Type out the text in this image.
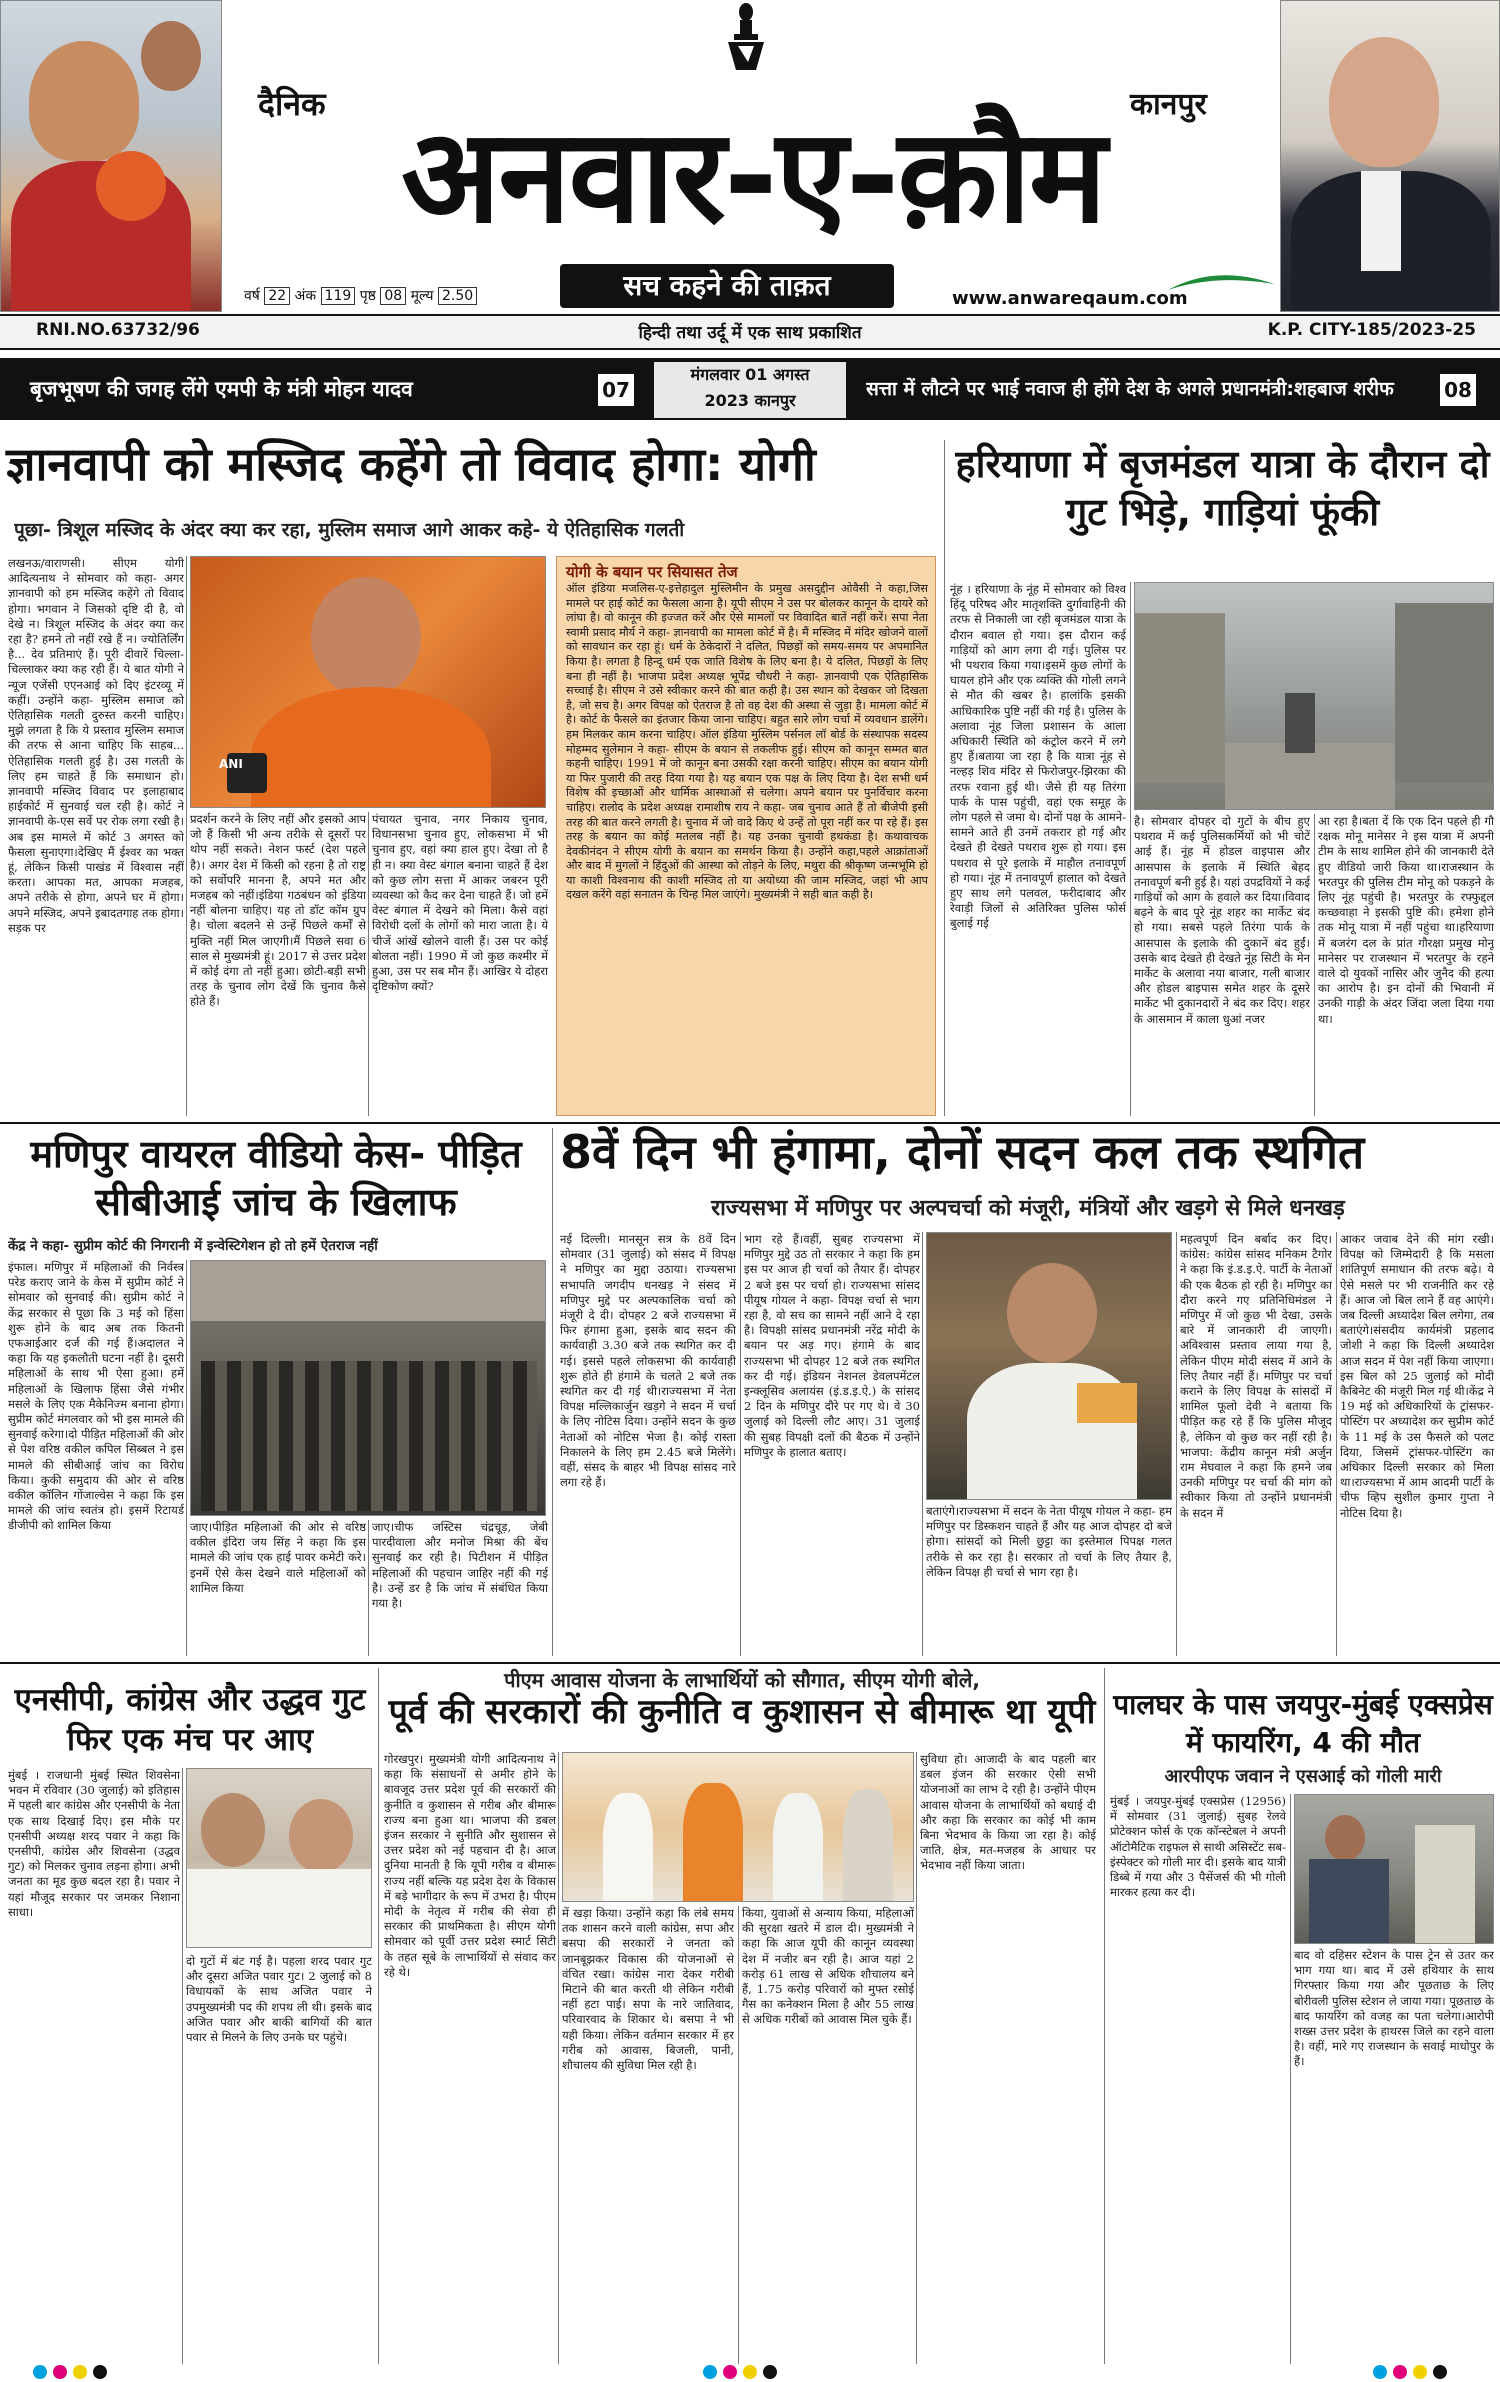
दैनिक	कानपुर
अनवार-ए-क़ौम
सच कहने की ताक़त
वर्ष 22 अंक 119 पृष्ठ 08 मूल्य 2.50	www.anwareqaum.com
RNI.NO.63732/96	हिन्दी तथा उर्दू में एक साथ प्रकाशित	K.P. CITY-185/2023-25
बृजभूषण की जगह लेंगे एमपी के मंत्री मोहन यादव	07
मंगलवार 01 अगस्त
2023 कानपुर
सत्ता में लौटने पर भाई नवाज ही होंगे देश के अगले प्रधानमंत्री:शहबाज शरीफ	08
ज्ञानवापी को मस्जिद कहेंगे तो विवाद होगा: योगी
पूछा- त्रिशूल मस्जिद के अंदर क्या कर रहा, मुस्लिम समाज आगे आकर कहे- ये ऐतिहासिक गलती
लखनऊ/वाराणसी। सीएम योगी आदित्यनाथ ने सोमवार को कहा- अगर ज्ञानवापी को हम मस्जिद कहेंगे तो विवाद होगा। भगवान ने जिसको दृष्टि दी है, वो देखे न। त्रिशूल मस्जिद के अंदर क्या कर रहा है? हमने तो नहीं रखे हैं न। ज्योतिर्लिंग है... देव प्रतिमाएं हैं। पूरी दीवारें चिल्ला-चिल्लाकर क्या कह रही हैं। ये बात योगी ने न्यूज एजेंसी एएनआई को दिए इंटरव्यू में कहीं। उन्होंने कहा- मुस्लिम समाज को ऐतिहासिक गलती दुरुस्त करनी चाहिए। मुझे लगता है कि ये प्रस्ताव मुस्लिम समाज की तरफ से आना चाहिए कि साहब... ऐतिहासिक गलती हुई है। उस गलती के लिए हम चाहते हैं कि समाधान हो।ज्ञानवापी मस्जिद विवाद पर इलाहाबाद हाईकोर्ट में सुनवाई चल रही है। कोर्ट ने ज्ञानवापी के-एस सर्वे पर रोक लगा रखी है। अब इस मामले में कोर्ट 3 अगस्त को फैसला सुनाएगा।देखिए मैं ईश्वर का भक्त हूं, लेकिन किसी पाखंड में विश्वास नहीं करता। आपका मत, आपका मजहब, अपने तरीके से होगा, अपने घर में होगा। अपने मस्जिद, अपने इबादतगाह तक होगा। सड़क पर
ANI
प्रदर्शन करने के लिए नहीं और इसको आप जो हैं किसी भी अन्य तरीके से दूसरों पर थोप नहीं सकते। नेशन फर्स्ट (देश पहले है)। अगर देश में किसी को रहना है तो राष्ट्र को सर्वोपरि मानना है, अपने मत और मजहब को नहीं।इंडिया गठबंधन को इंडिया नहीं बोलना चाहिए। यह तो डॉट कॉम ग्रुप है। चोला बदलने से उन्हें पिछले कर्मों से मुक्ति नहीं मिल जाएगी।मैं पिछले सवा 6 साल से मुख्यमंत्री हूं। 2017 से उत्तर प्रदेश में कोई दंगा तो नहीं हुआ। छोटी-बड़ी सभी तरह के चुनाव लोग देखें कि चुनाव कैसे होते हैं।
पंचायत चुनाव, नगर निकाय चुनाव, विधानसभा चुनाव हुए, लोकसभा में भी चुनाव हुए, वहां क्या हाल हुए। देखा तो है ही न। क्या वेस्ट बंगाल बनाना चाहते हैं देश को कुछ लोग सत्ता में आकर जबरन पूरी व्यवस्था को कैद कर देना चाहते हैं। जो हमें वेस्ट बंगाल में देखने को मिला। कैसे वहां विरोधी दलों के लोगों को मारा जाता है। ये चीजें आंखें खोलने वाली हैं। उस पर कोई बोलता नहीं। 1990 में जो कुछ कश्मीर में हुआ, उस पर सब मौन हैं। आखिर ये दोहरा दृष्टिकोण क्यों?
योगी के बयान पर सियासत तेज
ऑल इंडिया मजलिस-ए-इत्तेहादुल मुस्लिमीन के प्रमुख असदुद्दीन ओवैसी ने कहा,जिस मामले पर हाई कोर्ट का फैसला आना है। यूपी सीएम ने उस पर बोलकर कानून के दायरे को लांघा है। वो कानून की इज्जत करें और ऐसे मामलों पर विवादित बातें नहीं करें। सपा नेता स्वामी प्रसाद मौर्य ने कहा- ज्ञानवापी का मामला कोर्ट में है। मैं मस्जिद में मंदिर खोजने वालों को सावधान कर रहा हूं। धर्म के ठेकेदारों ने दलित, पिछड़ों को समय-समय पर अपमानित किया है। लगता है हिन्दू धर्म एक जाति विशेष के लिए बना है। ये दलित, पिछड़ों के लिए बना ही नहीं है। भाजपा प्रदेश अध्यक्ष भूपेंद्र चौधरी ने कहा- ज्ञानवापी एक ऐतिहासिक सच्चाई है। सीएम ने उसे स्वीकार करने की बात कही है। उस स्थान को देखकर जो दिखता है, जो सच है। अगर विपक्ष को ऐतराज है तो वह देश की अस्था से जुड़ा है। मामला कोर्ट में है। कोर्ट के फैसले का इंतजार किया जाना चाहिए। बहुत सारे लोग चर्चा में व्यवधान डालेंगे। हम मिलकर काम करना चाहिए। ऑल इंडिया मुस्लिम पर्सनल लॉ बोर्ड के संस्थापक सदस्य मोहम्मद सुलेमान ने कहा- सीएम के बयान से तकलीफ हुई। सीएम को कानून सम्मत बात कहनी चाहिए। 1991 में जो कानून बना उसकी रक्षा करनी चाहिए। सीएम का बयान योगी या फिर पुजारी की तरह दिया गया है। यह बयान एक पक्ष के लिए दिया है। देश सभी धर्म विशेष की इच्छाओं और धार्मिक आस्थाओं से चलेगा। अपने बयान पर पुनर्विचार करना चाहिए। रालोद के प्रदेश अध्यक्ष रामाशीष राय ने कहा- जब चुनाव आते हैं तो बीजेपी इसी तरह की बात करने लगती है। चुनाव में जो वादे किए थे उन्हें तो पूरा नहीं कर पा रहे हैं। इस तरह के बयान का कोई मतलब नहीं है। यह उनका चुनावी हथकंडा है। कथावाचक देवकीनंदन ने सीएम योगी के बयान का समर्थन किया है। उन्होंने कहा,पहले आक्रांताओं और बाद में मुगलों ने हिंदुओं की आस्था को तोड़ने के लिए, मथुरा की श्रीकृष्ण जन्मभूमि हो या काशी विश्वनाथ की काशी मस्जिद तो या अयोध्या की जाम मस्जिद, जहां भी आप दखल करेंगे वहां सनातन के चिन्ह मिल जाएंगे। मुख्यमंत्री ने सही बात कही है।
हरियाणा में बृजमंडल यात्रा के दौरान दो गुट भिड़े, गाड़ियां फूंकी
नूंह । हरियाणा के नूंह में सोमवार को विश्व हिंदू परिषद और मातृशक्ति दुर्गावाहिनी की तरफ से निकाली जा रही बृजमंडल यात्रा के दौरान बवाल हो गया। इस दौरान कई गाड़ियों को आग लगा दी गई। पुलिस पर भी पथराव किया गया।इसमें कुछ लोगों के घायल होने और एक व्यक्ति की गोली लगने से मौत की खबर है। हालांकि इसकी आधिकारिक पुष्टि नहीं की गई है। पुलिस के अलावा नूंह जिला प्रशासन के आला अधिकारी स्थिति को कंट्रोल करने में लगे हुए हैं।बताया जा रहा है कि यात्रा नूंह से नल्हड़ शिव मंदिर से फिरोजपुर-झिरका की तरफ रवाना हुई थी। जैसे ही यह तिरंगा पार्क के पास पहुंची, वहां एक समूह के लोग पहले से जमा थे। दोनों पक्ष के आमने-सामने आते ही उनमें तकरार हो गई और देखते ही देखते पथराव शुरू हो गया। इस पथराव से पूरे इलाके में माहौल तनावपूर्ण हो गया। नूंह में तनावपूर्ण हालात को देखते हुए साथ लगे पलवल, फरीदाबाद और रेवाड़ी जिलों से अतिरिक्त पुलिस फोर्स बुलाई गई
है। सोमवार दोपहर दो गुटों के बीच हुए पथराव में कई पुलिसकर्मियों को भी चोटें आई हैं। नूंह में होडल वाइपास और आसपास के इलाके में स्थिति बेहद तनावपूर्ण बनी हुई है। यहां उपद्रवियों ने कई गाड़ियों को आग के हवाले कर दिया।विवाद बढ़ने के बाद पूरे नूंह शहर का मार्केट बंद हो गया। सबसे पहले तिरंगा पार्क के आसपास के इलाके की दुकानें बंद हुईं। उसके बाद देखते ही देखते नूंह सिटी के मेन मार्केट के अलावा नया बाजार, गली बाजार और होडल बाइपास समेत शहर के दूसरे मार्केट भी दुकानदारों ने बंद कर दिए। शहर के आसमान में काला धुआं नजर
आ रहा है।बता दें कि एक दिन पहले ही गौ रक्षक मोनू मानेसर ने इस यात्रा में अपनी टीम के साथ शामिल होने की जानकारी देते हुए वीडियो जारी किया था।राजस्थान के भरतपुर की पुलिस टीम मोनू को पकड़ने के लिए नूंह पहुंची है। भरतपुर के रफ्फुद्दल कच्छवाहा ने इसकी पुष्टि की। हमेशा होने तक मोनू यात्रा में नहीं पहुंचा था।हरियाणा में बजरंग दल के प्रांत गौरक्षा प्रमुख मोनू मानेसर पर राजस्थान में भरतपुर के रहने वाले दो युवकों नासिर और जुनैद की हत्या का आरोप है। इन दोनों की भिवानी में उनकी गाड़ी के अंदर जिंदा जला दिया गया था।
मणिपुर वायरल वीडियो केस- पीड़ित सीबीआई जांच के खिलाफ
केंद्र ने कहा- सुप्रीम कोर्ट की निगरानी में इन्वेस्टिगेशन हो तो हमें ऐतराज नहीं
इंफाल। मणिपुर में महिलाओं की निर्वस्त्र परेड कराए जाने के केस में सुप्रीम कोर्ट ने सोमवार को सुनवाई की। सुप्रीम कोर्ट ने केंद्र सरकार से पूछा कि 3 मई को हिंसा शुरू होने के बाद अब तक कितनी एफआईआर दर्ज की गई हैं।अदालत ने कहा कि यह इकलौती घटना नहीं है। दूसरी महिलाओं के साथ भी ऐसा हुआ। हमें महिलाओं के खिलाफ हिंसा जैसे गंभीर मसले के लिए एक मैकेनिज्म बनाना होगा। सुप्रीम कोर्ट मंगलवार को भी इस मामले की सुनवाई करेगा।दो पीड़ित महिलाओं की ओर से पेश वरिष्ठ वकील कपिल सिब्बल ने इस मामले की सीबीआई जांच का विरोध किया। कुकी समुदाय की ओर से वरिष्ठ वकील कॉलिन गोंजाल्वेस ने कहा कि इस मामले की जांच स्वतंत्र हो। इसमें रिटायर्ड डीजीपी को शामिल किया	जाए।पीड़ित महिलाओं की ओर से वरिष्ठ वकील इंदिरा जय सिंह ने कहा कि इस मामले की जांच एक हाई पावर कमेटी करे। इनमें ऐसे केस देखने वाले महिलाओं को शामिल किया
जाए।चीफ जस्टिस चंद्रचूड़, जेबी पारदीवाला और मनोज मिश्रा की बेंच सुनवाई कर रही है। पिटीशन में पीड़ित महिलाओं की पहचान जाहिर नहीं की गई है। उन्हें डर है कि जांच में संबंधित किया गया है।
8वें दिन भी हंगामा, दोनों सदन कल तक स्थगित
राज्यसभा में मणिपुर पर अल्पचर्चा को मंजूरी, मंत्रियों और खड़गे से मिले धनखड़
नई दिल्ली। मानसून सत्र के 8वें दिन सोमवार (31 जुलाई) को संसद में विपक्ष ने मणिपुर का मुद्दा उठाया। राज्यसभा सभापति जगदीप धनखड़ ने संसद में मणिपुर मुद्दे पर अल्पकालिक चर्चा को मंजूरी दे दी। दोपहर 2 बजे राज्यसभा में फिर हंगामा हुआ, इसके बाद सदन की कार्यवाही 3.30 बजे तक स्थगित कर दी गई। इससे पहले लोकसभा की कार्यवाही शुरू होते ही हंगामे के चलते 2 बजे तक स्थगित कर दी गई थी।राज्यसभा में नेता विपक्ष मल्लिकार्जुन खड़गे ने सदन में चर्चा के लिए नोटिस दिया। उन्होंने सदन के कुछ नेताओं को नोटिस भेजा है। कोई रास्ता निकालने के लिए हम 2.45 बजे मिलेंगे। वहीं, संसद के बाहर भी विपक्ष सांसद नारे लगा रहे हैं।
भाग रहे हैं।वहीं, सुबह राज्यसभा में मणिपुर मुद्दे उठ तो सरकार ने कहा कि हम इस पर आज ही चर्चा को तैयार हैं। दोपहर 2 बजे इस पर चर्चा हो। राज्यसभा सांसद पीयूष गोयल ने कहा- विपक्ष चर्चा से भाग रहा है, वो सच का सामने नहीं आने दे रहा है। विपक्षी सांसद प्रधानमंत्री नरेंद्र मोदी के बयान पर अड़ गए। हंगामे के बाद राज्यसभा भी दोपहर 12 बजे तक स्थगित कर दी गई। इंडियन नेशनल डेवलपमेंटल इन्क्लूसिव अलायंस (इं.ड.इ.ऐ.) के सांसद 2 दिन के मणिपुर दौरे पर गए थे। वे 30 जुलाई को दिल्ली लौट आए। 31 जुलाई की सुबह विपक्षी दलों की बैठक में उन्होंने मणिपुर के हालात बताए।
बताएंगे।राज्यसभा में सदन के नेता पीयूष गोयल ने कहा- हम मणिपुर पर डिस्कशन चाहते हैं और यह आज दोपहर दो बजे होगा। सांसदों को मिली छुट्टा का इस्तेमाल पिपक्ष गलत तरीके से कर रहा है। सरकार तो चर्चा के लिए तैयार है, लेकिन विपक्ष ही चर्चा से भाग रहा है।
महत्वपूर्ण दिन बर्बाद कर दिए। कांग्रेस: कांग्रेस सांसद मनिकम टैगोर ने कहा कि इं.ड.इ.ऐ. पार्टी के नेताओं की एक बैठक हो रही है। मणिपुर का दौरा करने गए प्रतिनिधिमंडल ने मणिपुर में जो कुछ भी देखा, उसके बारे में जानकारी दी जाएगी। अविश्वास प्रस्ताव लाया गया है, लेकिन पीएम मोदी संसद में आने के लिए तैयार नहीं हैं। मणिपुर पर चर्चा कराने के लिए विपक्ष के सांसदों में शामिल फूलो देवी ने बताया कि पीड़ित कह रहे हैं कि पुलिस मौजूद है, लेकिन वो कुछ कर नहीं रही है। भाजपा: केंद्रीय कानून मंत्री अर्जुन राम मेघवाल ने कहा कि हमने जब उनकी मणिपुर पर चर्चा की मांग को स्वीकार किया तो उन्होंने प्रधानमंत्री के सदन में
आकर जवाब देने की मांग रखी। विपक्ष को जिम्मेदारी है कि मसला शांतिपूर्ण समाधान की तरफ बढ़े। ये ऐसे मसले पर भी राजनीति कर रहे हैं। आज जो बिल लाने हैं वह आएंगे। जब दिल्ली अध्यादेश बिल लगेगा, तब बताएंगे।संसदीय कार्यमंत्री प्रहलाद जोशी ने कहा कि दिल्ली अध्यादेश आज सदन में पेश नहीं किया जाएगा। इस बिल को 25 जुलाई को मोदी कैबिनेट की मंजूरी मिल गई थी।केंद्र ने 19 मई को अधिकारियों के ट्रांसफर-पोस्टिंग पर अध्यादेश कर सुप्रीम कोर्ट के 11 मई के उस फैसले को पलट दिया, जिसमें ट्रांसफर-पोस्टिंग का अधिकार दिल्ली सरकार को मिला था।राज्यसभा में आम आदमी पार्टी के चीफ व्हिप सुशील कुमार गुप्ता ने नोटिस दिया है।
एनसीपी, कांग्रेस और उद्धव गुट फिर एक मंच पर आए
मुंबई । राजधानी मुंबई स्थित शिवसेना भवन में रविवार (30 जुलाई) को इतिहास में पहली बार कांग्रेस और एनसीपी के नेता एक साथ दिखाई दिए। इस मौके पर एनसीपी अध्यक्ष शरद पवार ने कहा कि एनसीपी, कांग्रेस और शिवसेना (उद्धव गुट) को मिलकर चुनाव लड़ना होगा। अभी जनता का मूड कुछ बदल रहा है। पवार ने यहां मौजूद सरकार पर जमकर निशाना साधा।
दो गुटों में बंट गई है। पहला शरद पवार गुट और दूसरा अजित पवार गुट। 2 जुलाई को 8 विधायकों के साथ अजित पवार ने उपमुख्यमंत्री पद की शपथ ली थी। इसके बाद अजित पवार और बाकी बागियों की बात पवार से मिलने के लिए उनके घर पहुंचे।
पीएम आवास योजना के लाभार्थियों को सौगात, सीएम योगी बोले,
पूर्व की सरकारों की कुनीति व कुशासन से बीमारू था यूपी
गोरखपुर। मुख्यमंत्री योगी आदित्यनाथ ने कहा कि संसाधनों से अमीर होने के बावजूद उत्तर प्रदेश पूर्व की सरकारों की कुनीति व कुशासन से गरीब और बीमारू राज्य बना हुआ था। भाजपा की डबल इंजन सरकार ने सुनीति और सुशासन से उत्तर प्रदेश को नई पहचान दी है। आज दुनिया मानती है कि यूपी गरीब व बीमारू राज्य नहीं बल्कि यह प्रदेश देश के विकास में बड़े भागीदार के रूप में उभरा है। पीएम मोदी के नेतृत्व में गरीब की सेवा ही सरकार की प्राथमिकता है। सीएम योगी सोमवार को पूर्वी उत्तर प्रदेश स्मार्ट सिटी के तहत सूबे के लाभार्थियों से संवाद कर रहे थे।
में खड़ा किया। उन्होंने कहा कि लंबे समय तक शासन करने वाली कांग्रेस, सपा और बसपा की सरकारों ने जनता को जानबूझकर विकास की योजनाओं से वंचित रखा। कांग्रेस नारा देकर गरीबी मिटाने की बात करती थी लेकिन गरीबी नहीं हटा पाई। सपा के नारे जातिवाद, परिवारवाद के शिकार थे। बसपा ने भी यही किया। लेकिन वर्तमान सरकार में हर गरीब को आवास, बिजली, पानी, शौचालय की सुविधा मिल रही है।
किया, युवाओं से अन्याय किया, महिलाओं की सुरक्षा खतरे में डाल दी। मुख्यमंत्री ने कहा कि आज यूपी की कानून व्यवस्था देश में नजीर बन रही है। आज यहां 2 करोड़ 61 लाख से अधिक शौचालय बने हैं, 1.75 करोड़ परिवारों को मुफ्त रसोई गैस का कनेक्शन मिला है और 55 लाख से अधिक गरीबों को आवास मिल चुके हैं।
सुविधा हो। आजादी के बाद पहली बार डबल इंजन की सरकार ऐसी सभी योजनाओं का लाभ दे रही है। उन्होंने पीएम आवास योजना के लाभार्थियों को बधाई दी और कहा कि सरकार का कोई भी काम बिना भेदभाव के किया जा रहा है। कोई जाति, क्षेत्र, मत-मजहब के आधार पर भेदभाव नहीं किया जाता।
पालघर के पास जयपुर-मुंबई एक्सप्रेस में फायरिंग, 4 की मौत
आरपीएफ जवान ने एसआई को गोली मारी
मुंबई । जयपुर-मुंबई एक्सप्रेस (12956) में सोमवार (31 जुलाई) सुबह रेलवे प्रोटेक्शन फोर्स के एक कॉन्स्टेबल ने अपनी ऑटोमैटिक राइफल से साथी असिस्टेंट सब-इंस्पेक्टर को गोली मार दी। इसके बाद यात्री डिब्बे में गया और 3 पैसेंजर्स की भी गोली मारकर हत्या कर दी।
बाद वो दहिसर स्टेशन के पास ट्रेन से उतर कर भाग गया था। बाद में उसे हथियार के साथ गिरफ्तार किया गया और पूछताछ के लिए बोरीवली पुलिस स्टेशन ले जाया गया। पूछताछ के बाद फायरिंग को वजह का पता चलेगा।आरोपी शख्स उत्तर प्रदेश के हाथरस जिले का रहने वाला है। वहीं, मारे गए राजस्थान के सवाई माधोपुर के हैं।
